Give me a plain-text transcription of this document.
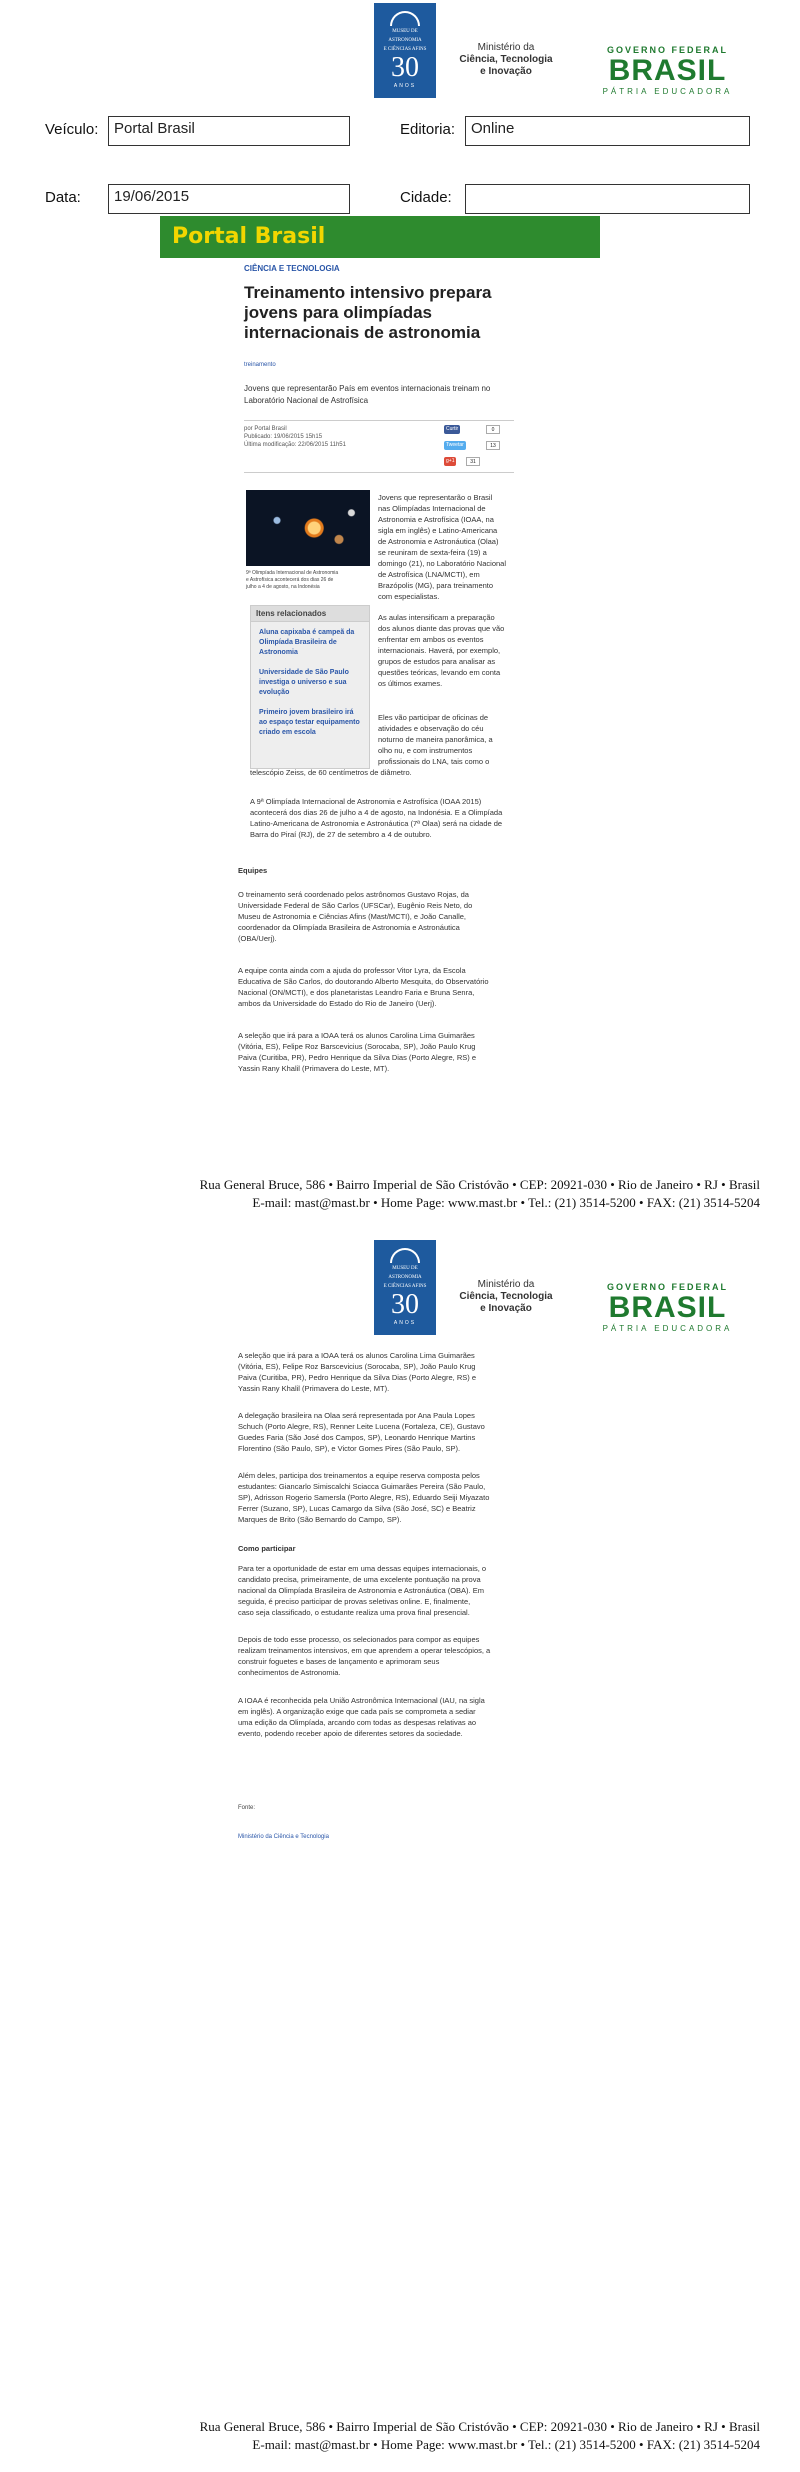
MUSEU DE
ASTRONOMIA
E CIÊNCIAS AFINS
30
ANOS
Ministério da
Ciência, Tecnologia
e Inovação
GOVERNO FEDERAL
BRASIL
PÁTRIA EDUCADORA
Veículo:	Portal Brasil	Editoria:	Online
Data:	19/06/2015	Cidade:
Portal Brasil
CIÊNCIA E TECNOLOGIA
Treinamento intensivo prepara
jovens para olimpíadas
internacionais de astronomia
treinamento
Jovens que representarão País em eventos internacionais treinam no
Laboratório Nacional de Astrofísica
por Portal Brasil
Publicado: 19/06/2015 15h15
Última modificação: 22/06/2015 11h51
Curtir	0
Tweetar	13
g+1	31
9ª Olimpíada Internacional de Astronomia
e Astrofísica acontecerá dos dias 26 de
julho a 4 de agosto, na Indonésia
Itens relacionados
Aluna capixaba é campeã da
Olimpíada Brasileira de
Astronomia
Universidade de São Paulo
investiga o universo e sua
evolução
Primeiro jovem brasileiro irá
ao espaço testar equipamento
criado em escola
Jovens que representarão o Brasil
nas Olimpíadas Internacional de
Astronomia e Astrofísica (IOAA, na
sigla em inglês) e Latino-Americana
de Astronomia e Astronáutica (Olaa)
se reuniram de sexta-feira (19) a
domingo (21), no Laboratório Nacional
de Astrofísica (LNA/MCTI), em
Brazópolis (MG), para treinamento
com especialistas.
As aulas intensificam a preparação
dos alunos diante das provas que vão
enfrentar em ambos os eventos
internacionais. Haverá, por exemplo,
grupos de estudos para analisar as
questões teóricas, levando em conta
os últimos exames.
Eles vão participar de oficinas de
atividades e observação do céu
noturno de maneira panorâmica, a
olho nu, e com instrumentos
profissionais do LNA, tais como o
telescópio Zeiss, de 60 centímetros de diâmetro.
A 9ª Olimpíada Internacional de Astronomia e Astrofísica (IOAA 2015)
acontecerá dos dias 26 de julho a 4 de agosto, na Indonésia. E a Olimpíada
Latino-Americana de Astronomia e Astronáutica (7ª Olaa) será na cidade de
Barra do Piraí (RJ), de 27 de setembro a 4 de outubro.
Equipes
O treinamento será coordenado pelos astrônomos Gustavo Rojas, da
Universidade Federal de São Carlos (UFSCar), Eugênio Reis Neto, do
Museu de Astronomia e Ciências Afins (Mast/MCTI), e João Canalle,
coordenador da Olimpíada Brasileira de Astronomia e Astronáutica
(OBA/Uerj).
A equipe conta ainda com a ajuda do professor Vitor Lyra, da Escola
Educativa de São Carlos, do doutorando Alberto Mesquita, do Observatório
Nacional (ON/MCTI), e dos planetaristas Leandro Faria e Bruna Senra,
ambos da Universidade do Estado do Rio de Janeiro (Uerj).
A seleção que irá para a IOAA terá os alunos Carolina Lima Guimarães
(Vitória, ES), Felipe Roz Barscevicius (Sorocaba, SP), João Paulo Krug
Paiva (Curitiba, PR), Pedro Henrique da Silva Dias (Porto Alegre, RS) e
Yassin Rany Khalil (Primavera do Leste, MT).
Rua General Bruce, 586 • Bairro Imperial de São Cristóvão • CEP: 20921-030 • Rio de Janeiro • RJ • Brasil
E-mail: mast@mast.br • Home Page: www.mast.br • Tel.: (21) 3514-5200 • FAX: (21) 3514-5204
MUSEU DE
ASTRONOMIA
E CIÊNCIAS AFINS
30
ANOS
Ministério da
Ciência, Tecnologia
e Inovação
GOVERNO FEDERAL
BRASIL
PÁTRIA EDUCADORA
A seleção que irá para a IOAA terá os alunos Carolina Lima Guimarães
(Vitória, ES), Felipe Roz Barscevicius (Sorocaba, SP), João Paulo Krug
Paiva (Curitiba, PR), Pedro Henrique da Silva Dias (Porto Alegre, RS) e
Yassin Rany Khalil (Primavera do Leste, MT).
A delegação brasileira na Olaa será representada por Ana Paula Lopes
Schuch (Porto Alegre, RS), Renner Leite Lucena (Fortaleza, CE), Gustavo
Guedes Faria (São José dos Campos, SP), Leonardo Henrique Martins
Florentino (São Paulo, SP), e Victor Gomes Pires (São Paulo, SP).
Além deles, participa dos treinamentos a equipe reserva composta pelos
estudantes: Giancarlo Simiscalchi Sciacca Guimarães Pereira (São Paulo,
SP), Adrisson Rogerio Samersla (Porto Alegre, RS), Eduardo Seiji Miyazato
Ferrer (Suzano, SP), Lucas Camargo da Silva (São José, SC) e Beatriz
Marques de Brito (São Bernardo do Campo, SP).
Como participar
Para ter a oportunidade de estar em uma dessas equipes internacionais, o
candidato precisa, primeiramente, de uma excelente pontuação na prova
nacional da Olimpíada Brasileira de Astronomia e Astronáutica (OBA). Em
seguida, é preciso participar de provas seletivas online. E, finalmente,
caso seja classificado, o estudante realiza uma prova final presencial.
Depois de todo esse processo, os selecionados para compor as equipes
realizam treinamentos intensivos, em que aprendem a operar telescópios, a
construir foguetes e bases de lançamento e aprimoram seus
conhecimentos de Astronomia.
A IOAA é reconhecida pela União Astronômica Internacional (IAU, na sigla
em inglês). A organização exige que cada país se comprometa a sediar
uma edição da Olimpíada, arcando com todas as despesas relativas ao
evento, podendo receber apoio de diferentes setores da sociedade.
Fonte:
Ministério da Ciência e Tecnologia
Rua General Bruce, 586 • Bairro Imperial de São Cristóvão • CEP: 20921-030 • Rio de Janeiro • RJ • Brasil
E-mail: mast@mast.br • Home Page: www.mast.br • Tel.: (21) 3514-5200 • FAX: (21) 3514-5204
